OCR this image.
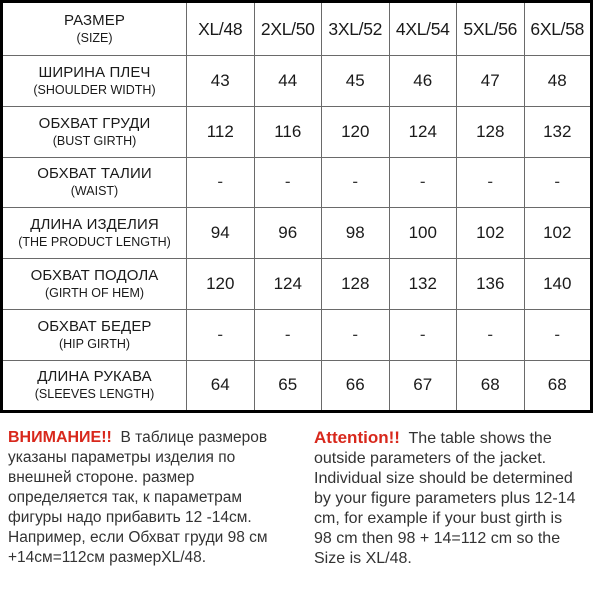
РАЗМЕР
(SIZE)	XL/48	2XL/50	3XL/52	4XL/54	5XL/56	6XL/58

ШИРИНА ПЛЕЧ
(SHOULDER WIDTH)	43	44	45	46	47	48

ОБХВАТ ГРУДИ
(BUST GIRTH)	112	116	120	124	128	132

ОБХВАТ ТАЛИИ
(WAIST)	-	-	-	-	-	-

ДЛИНА ИЗДЕЛИЯ
(THE PRODUCT LENGTH)	94	96	98	100	102	102

ОБХВАТ ПОДОЛА
(GIRTH OF HEM)	120	124	128	132	136	140

ОБХВАТ БЕДЕР
(HIP GIRTH)	-	-	-	-	-	-

ДЛИНА РУКАВА
(SLEEVES LENGTH)	64	65	66	67	68	68
ВНИМАНИЕ!! В таблице размеров
указаны параметры изделия по
внешней стороне. размер
определяется так, к параметрам
фигуры надо прибавить 12 -14см.
Например, если Обхват груди 98 см
+14см=112см размерXL/48.
Attention!! The table shows the
outside parameters of the jacket.
Individual size should be determined
by your figure parameters plus 12-14
cm, for example if your bust girth is
98 cm then 98 + 14=112 cm so the
Size is XL/48.
